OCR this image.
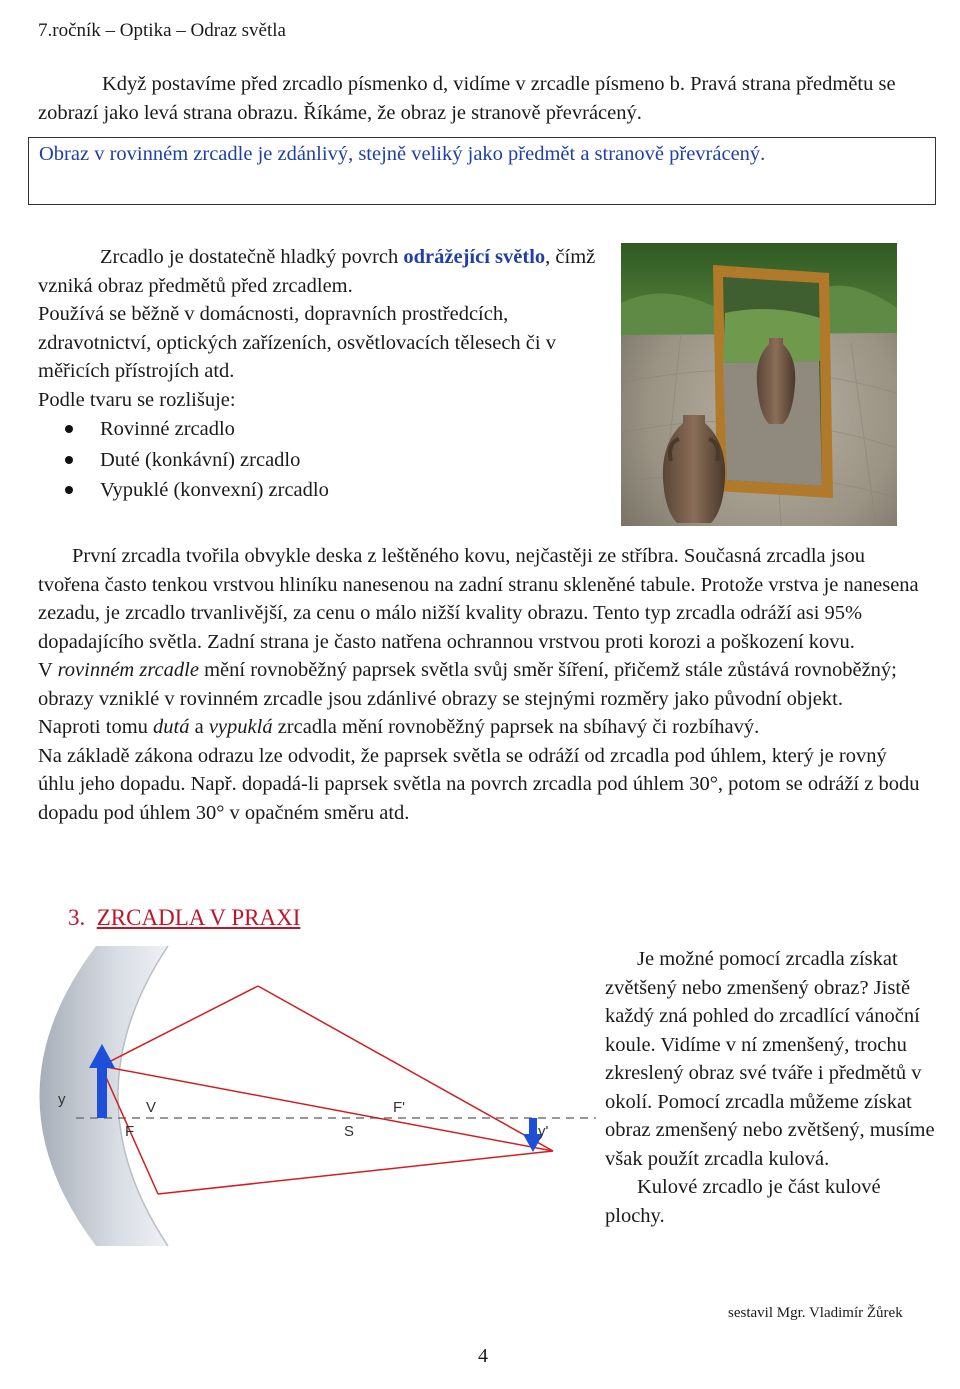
7.ročník – Optika – Odraz světla

Když postavíme před zrcadlo písmenko d, vidíme v zrcadle písmeno b. Pravá strana předmětu se zobrazí jako levá strana obrazu. Říkáme, že obraz je stranově převrácený.

Obraz v rovinném zrcadle je zdánlivý, stejně veliký jako předmět a stranově převrácený.

Zrcadlo je dostatečně hladký povrch odrážející světlo, čímž vzniká obraz předmětů před zrcadlem.

Používá se běžně v domácnosti, dopravních prostředcích, zdravotnictví, optických zařízeních, osvětlovacích tělesech či v měřicích přístrojích atd.

Podle tvaru se rozlišuje:

Rovinné zrcadlo
Duté (konkávní) zrcadlo
Vypuklé (konvexní) zrcadlo

První zrcadla tvořila obvykle deska z leštěného kovu, nejčastěji ze stříbra. Současná zrcadla jsou tvořena často tenkou vrstvou hliníku nanesenou na zadní stranu skleněné tabule. Protože vrstva je nanesena zezadu, je zrcadlo trvanlivější, za cenu o málo nižší kvality obrazu. Tento typ zrcadla odráží asi 95% dopadajícího světla. Zadní strana je často natřena ochrannou vrstvou proti korozi a poškození kovu.

V rovinném zrcadle mění rovnoběžný paprsek světla svůj směr šíření, přičemž stále zůstává rovnoběžný; obrazy vzniklé v rovinném zrcadle jsou zdánlivé obrazy se stejnými rozměry jako původní objekt.

Naproti tomu dutá a vypuklá zrcadla mění rovnoběžný paprsek na sbíhavý či rozbíhavý.

Na základě zákona odrazu lze odvodit, že paprsek světla se odráží od zrcadla pod úhlem, který je rovný úhlu jeho dopadu. Např. dopadá-li paprsek světla na povrch zrcadla pod úhlem 30°, potom se odráží z bodu dopadu pod úhlem 30° v opačném směru atd.

3. ZRCADLA V PRAXI
y	V
F
F'
S	y'

Je možné pomocí zrcadla získat zvětšený nebo zmenšený obraz? Jistě každý zná pohled do zrcadlící vánoční koule. Vidíme v ní zmenšený, trochu zkreslený obraz své tváře i předmětů v okolí. Pomocí zrcadla můžeme získat obraz zmenšený nebo zvětšený, musíme však použít zrcadla kulová.

Kulové zrcadlo je část kulové plochy.

sestavil Mgr. Vladimír Žůrek
4
